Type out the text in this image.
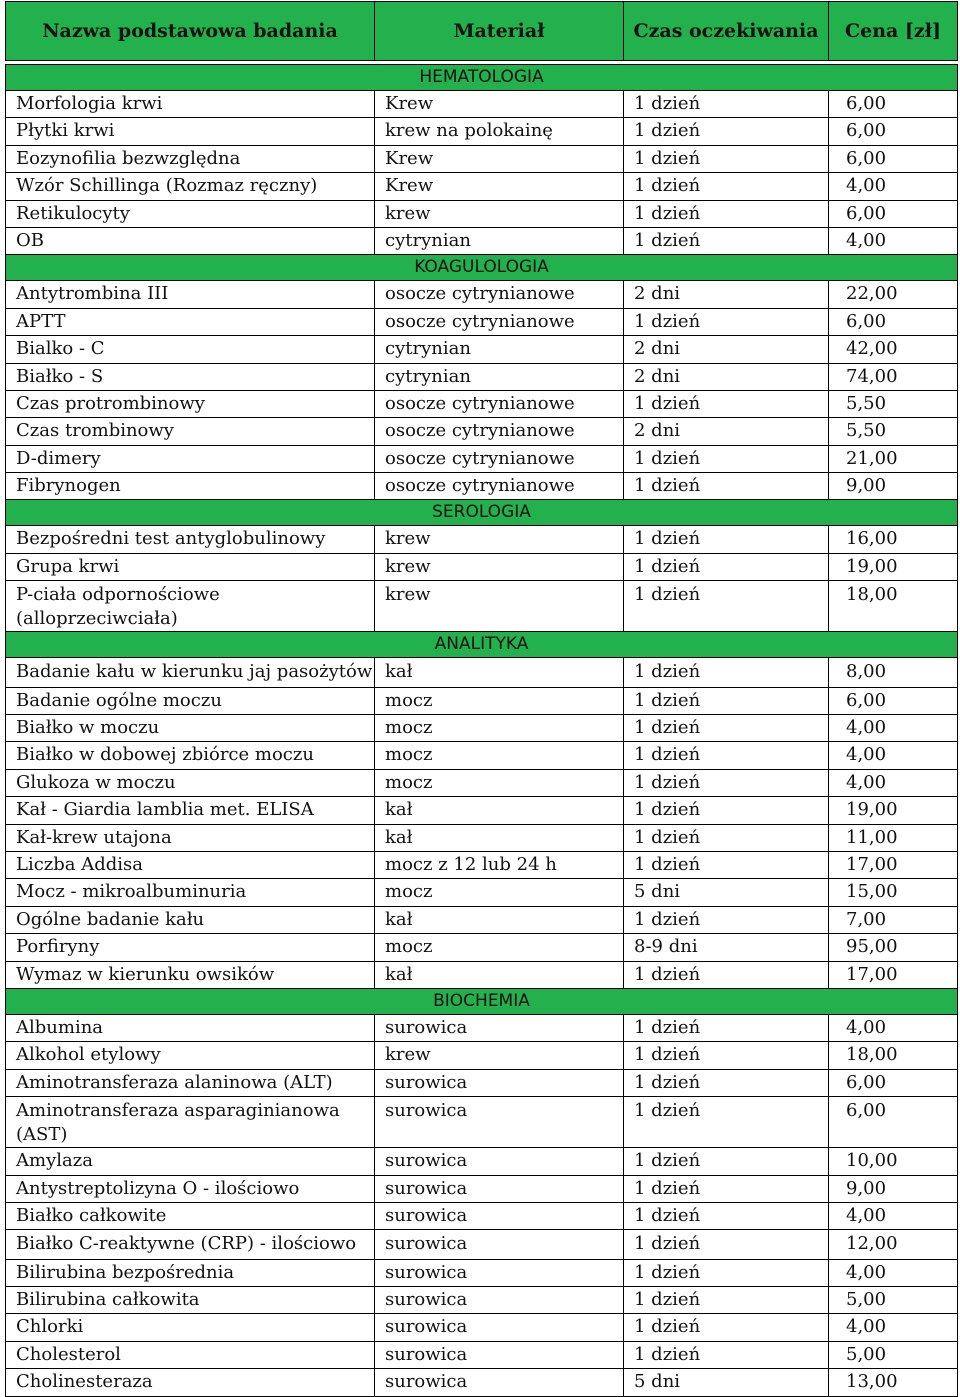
Nazwa podstawowa badania	Materiał	Czas oczekiwania	Cena [zł]

HEMATOLOGIA			
Morfologia krwi	Krew	1 dzień	6,00
Płytki krwi	krew na polokainę	1 dzień	6,00
Eozynofilia bezwzględna	Krew	1 dzień	6,00
Wzór Schillinga (Rozmaz ręczny)	Krew	1 dzień	4,00
Retikulocyty	krew	1 dzień	6,00
OB	cytrynian	1 dzień	4,00
KOAGULOLOGIA			
Antytrombina III	osocze cytrynianowe	2 dni	22,00
APTT	osocze cytrynianowe	1 dzień	6,00
Bialko - C	cytrynian	2 dni	42,00
Białko - S	cytrynian	2 dni	74,00
Czas protrombinowy	osocze cytrynianowe	1 dzień	5,50
Czas trombinowy	osocze cytrynianowe	2 dni	5,50
D-dimery	osocze cytrynianowe	1 dzień	21,00
Fibrynogen	osocze cytrynianowe	1 dzień	9,00
SEROLOGIA			
Bezpośredni test antyglobulinowy	krew	1 dzień	16,00
Grupa krwi	krew	1 dzień	19,00
P-ciała odpornościowe (alloprzeciwciała)	krew	1 dzień	18,00
ANALITYKA			
Badanie kału w kierunku jaj pasożytów	kał	1 dzień	8,00
Badanie ogólne moczu	mocz	1 dzień	6,00
Białko w moczu	mocz	1 dzień	4,00
Białko w dobowej zbiórce moczu	mocz	1 dzień	4,00
Glukoza w moczu	mocz	1 dzień	4,00
Kał - Giardia lamblia met. ELISA	kał	1 dzień	19,00
Kał-krew utajona	kał	1 dzień	11,00
Liczba Addisa	mocz z 12 lub 24 h	1 dzień	17,00
Mocz - mikroalbuminuria	mocz	5 dni	15,00
Ogólne badanie kału	kał	1 dzień	7,00
Porfiryny	mocz	8-9 dni	95,00
Wymaz w kierunku owsików	kał	1 dzień	17,00
BIOCHEMIA			
Albumina	surowica	1 dzień	4,00
Alkohol etylowy	krew	1 dzień	18,00
Aminotransferaza alaninowa (ALT)	surowica	1 dzień	6,00
Aminotransferaza asparaginianowa (AST)	surowica	1 dzień	6,00
Amylaza	surowica	1 dzień	10,00
Antystreptolizyna O - ilościowo	surowica	1 dzień	9,00
Białko całkowite	surowica	1 dzień	4,00
Białko C-reaktywne (CRP) - ilościowo	surowica	1 dzień	12,00
Bilirubina bezpośrednia	surowica	1 dzień	4,00
Bilirubina całkowita	surowica	1 dzień	5,00
Chlorki	surowica	1 dzień	4,00
Cholesterol	surowica	1 dzień	5,00
Cholinesteraza	surowica	5 dni	13,00
